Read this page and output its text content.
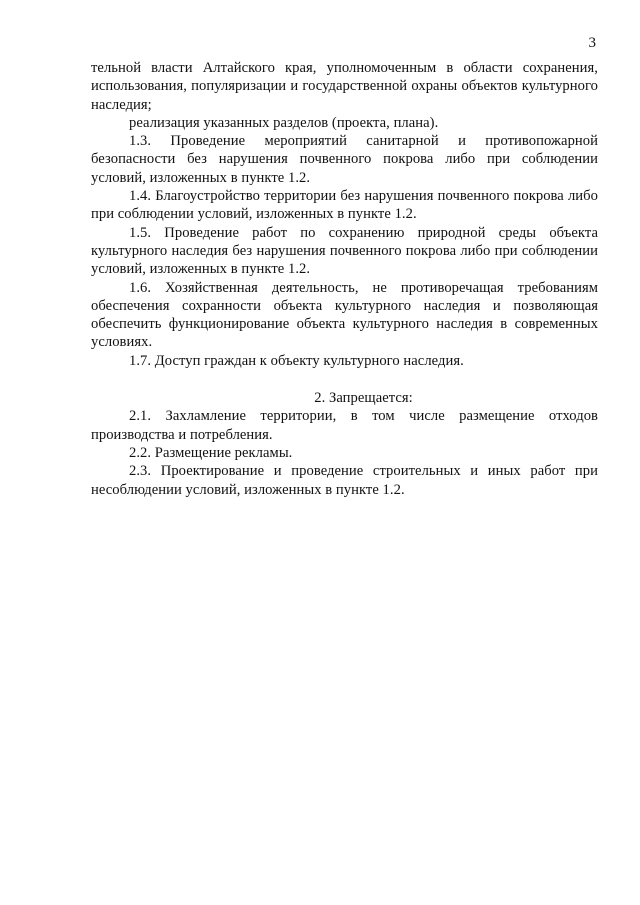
3

тельной власти Алтайского края, уполномоченным в области сохранения, использования, популяризации и государственной охраны объектов культурного наследия;

реализация указанных разделов (проекта, плана).

1.3. Проведение мероприятий санитарной и противопожарной безопасности без нарушения почвенного покрова либо при соблюдении условий, изложенных в пункте 1.2.

1.4. Благоустройство территории без нарушения почвенного покрова либо при соблюдении условий, изложенных в пункте 1.2.

1.5. Проведение работ по сохранению природной среды объекта культурного наследия без нарушения почвенного покрова либо при соблюдении условий, изложенных в пункте 1.2.

1.6. Хозяйственная деятельность, не противоречащая требованиям обеспечения сохранности объекта культурного наследия и позволяющая обеспечить функционирование объекта культурного наследия в современных условиях.

1.7. Доступ граждан к объекту культурного наследия.

2. Запрещается:

2.1. Захламление территории, в том числе размещение отходов производства и потребления.

2.2. Размещение рекламы.

2.3. Проектирование и проведение строительных и иных работ при несоблюдении условий, изложенных в пункте 1.2.
